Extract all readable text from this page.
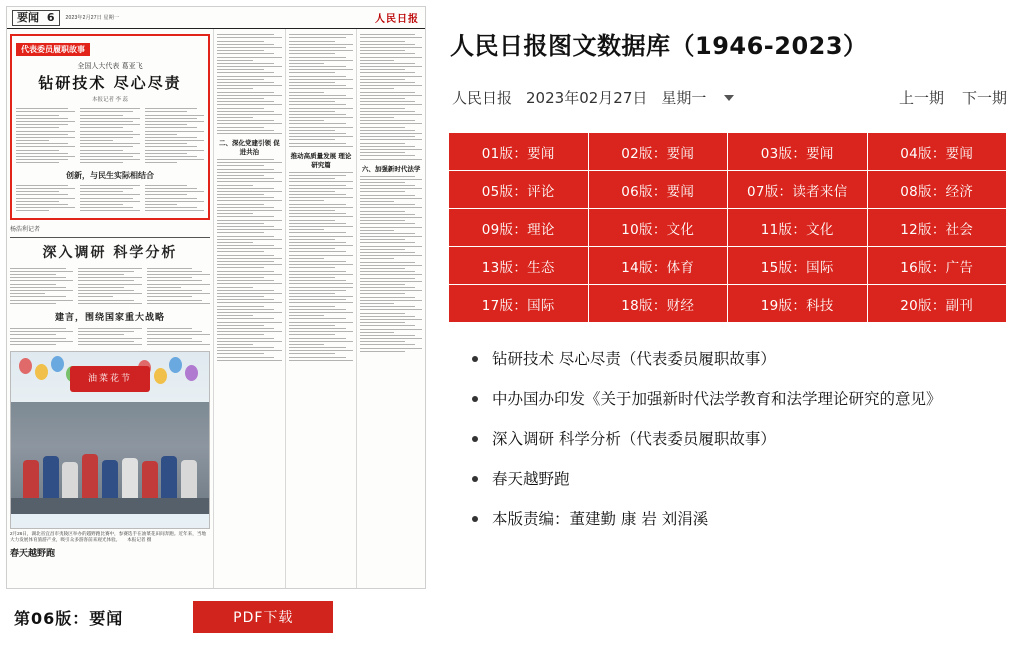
要闻 6	2023年2月27日 星期一	人民日报
代表委员履职故事
全国人大代表 葛亚飞
钻研技术 尽心尽责
本报记者 李 蕊
创新，与民生实际相结合
杨浩利记者
深入调研 科学分析
建言，围绕国家重大战略
油菜花节
2月26日，湖北省宜昌市夷陵区举办的越野跑比赛中，参赛选手在油菜花田间奔跑。近年来，当地大力发展体育旅游产业，吸引众多游客前来观光体验。　　本报记者 摄
春天越野跑
二、深化党建引领 促进共治	推动高质量发展 理论研究篇	六、加强新时代法学
第06版：要闻	PDF下载
人民日报图文数据库（1946-2023）
人民日报 2023年02月27日 星期一	上一期 下一期
01版：要闻	02版：要闻	03版：要闻	04版：要闻
05版：评论	06版：要闻	07版：读者来信	08版：经济
09版：理论	10版：文化	11版：文化	12版：社会
13版：生态	14版：体育	15版：国际	16版：广告
17版：国际	18版：财经	19版：科技	20版：副刊
钻研技术 尽心尽责（代表委员履职故事）
中办国办印发《关于加强新时代法学教育和法学理论研究的意见》
深入调研 科学分析（代表委员履职故事）
春天越野跑
本版责编：董建勤 康 岩 刘涓溪
